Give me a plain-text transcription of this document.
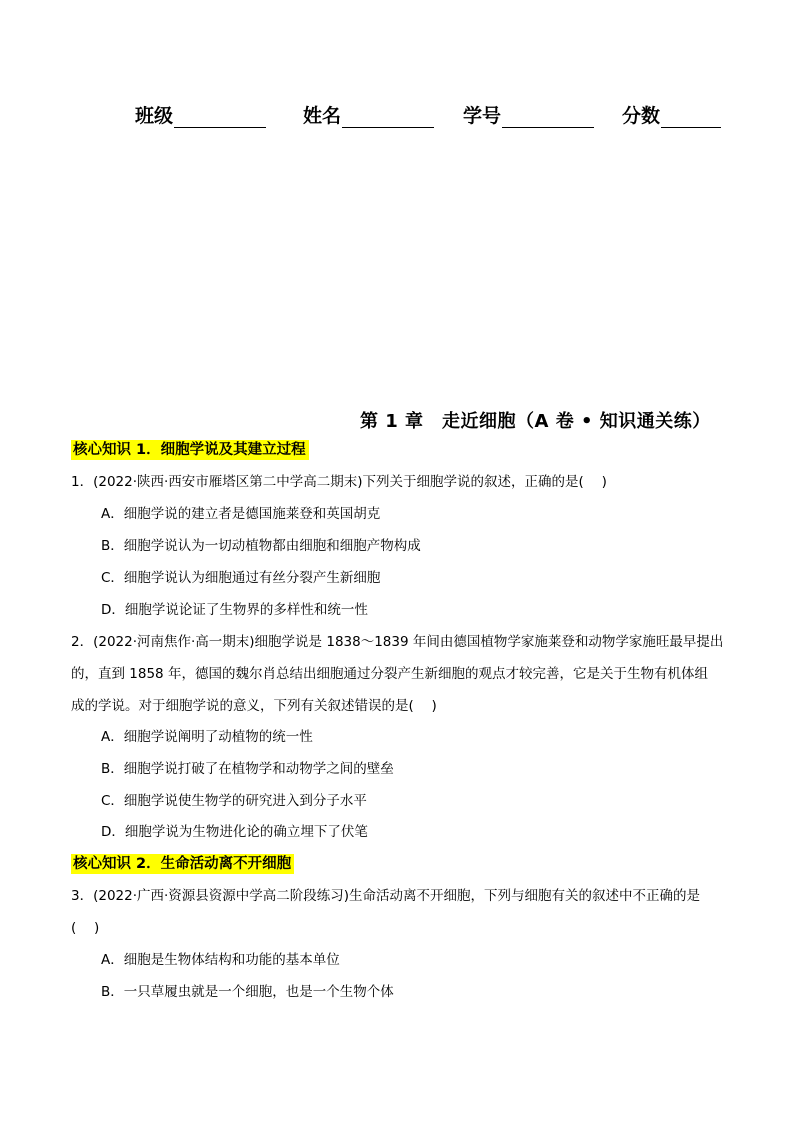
班级	姓名	学号	分数
第 1 章　走近细胞（A 卷 • 知识通关练）
核心知识 1．细胞学说及其建立过程
1．(2022·陕西·西安市雁塔区第二中学高二期末)下列关于细胞学说的叙述，正确的是(　 )
A．细胞学说的建立者是德国施莱登和英国胡克
B．细胞学说认为一切动植物都由细胞和细胞产物构成
C．细胞学说认为细胞通过有丝分裂产生新细胞
D．细胞学说论证了生物界的多样性和统一性
2．(2022·河南焦作·高一期末)细胞学说是 1838～1839 年间由德国植物学家施莱登和动物学家施旺最早提出
的，直到 1858 年，德国的魏尔肖总结出细胞通过分裂产生新细胞的观点才较完善，它是关于生物有机体组
成的学说。对于细胞学说的意义，下列有关叙述错误的是(　 )
A．细胞学说阐明了动植物的统一性
B．细胞学说打破了在植物学和动物学之间的壁垒
C．细胞学说使生物学的研究进入到分子水平
D．细胞学说为生物进化论的确立埋下了伏笔
核心知识 2．生命活动离不开细胞
3．(2022·广西·资源县资源中学高二阶段练习)生命活动离不开细胞，下列与细胞有关的叙述中不正确的是
(　 )
A．细胞是生物体结构和功能的基本单位
B．一只草履虫就是一个细胞，也是一个生物个体
